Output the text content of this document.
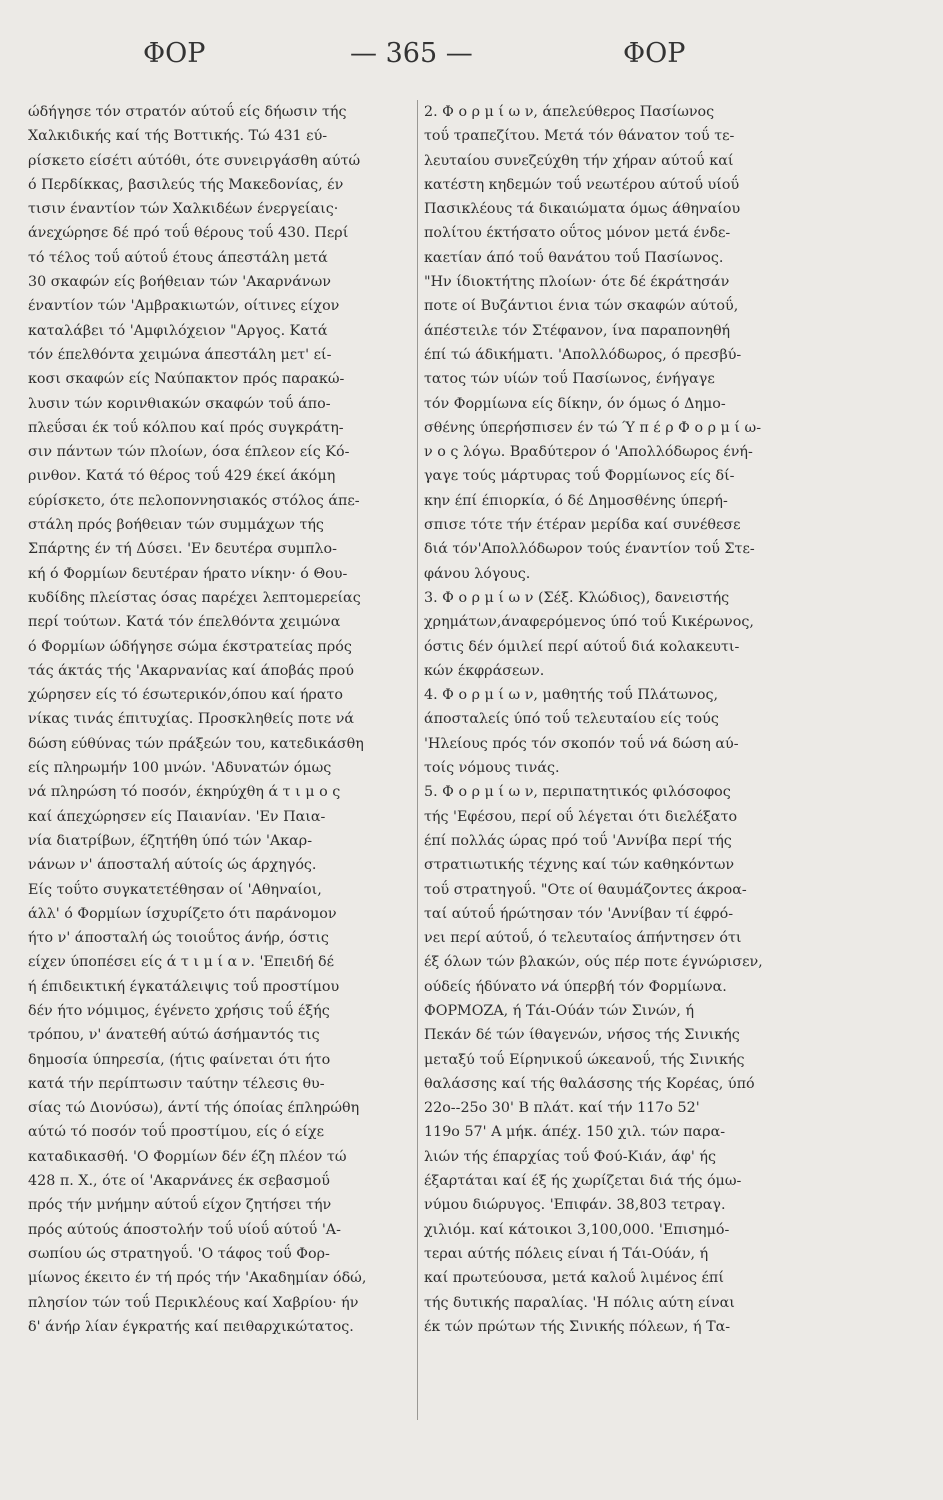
ΦΟΡ	— 365 —	ΦΟΡ
ώδήγησε τόν στρατόν αύτοΰ είς δήωσιν τής
Χαλκιδικής καί τής Βοττικής. Τώ 431 εύ-
ρίσκετο είσέτι αύτόθι, ότε συνειργάσθη αύτώ
ό Περδίκκας, βασιλεύς τής Μακεδονίας, έν
τισιν έναντίον τών Χαλκιδέων ένεργείαις·
άνεχώρησε δέ πρό τοΰ θέρους τοΰ 430. Περί
τό τέλος τοΰ αύτοΰ έτους άπεστάλη μετά
30 σκαφών είς βοήθειαν τών 'Ακαρνάνων
έναντίον τών 'Αμβρακιωτών, οίτινες είχον
καταλάβει τό 'Αμφιλόχειον "Αργος. Κατά
τόν έπελθόντα χειμώνα άπεστάλη μετ' εί-
κοσι σκαφών είς Ναύπακτον πρός παρακώ-
λυσιν τών κορινθιακών σκαφών τοΰ άπο-
πλεΰσαι έκ τοΰ κόλπου καί πρός συγκράτη-
σιν πάντων τών πλοίων, όσα έπλεον είς Κό-
ρινθον. Κατά τό θέρος τοΰ 429 έκεί άκόμη
εύρίσκετο, ότε πελοποννησιακός στόλος άπε-
στάλη πρός βοήθειαν τών συμμάχων τής
Σπάρτης έν τή Δύσει. 'Εν δευτέρα συμπλο-
κή ό Φορμίων δευτέραν ήρατο νίκην· ό Θου-
κυδίδης πλείστας όσας παρέχει λεπτομερείας
περί τούτων. Κατά τόν έπελθόντα χειμώνα
ό Φορμίων ώδήγησε σώμα έκστρατείας πρός
τάς άκτάς τής 'Ακαρνανίας καί άποβάς πρού
χώρησεν είς τό έσωτερικόν,όπου καί ήρατο
νίκας τινάς έπιτυχίας. Προσκληθείς ποτε νά
δώση εύθύνας τών πράξεών του, κατεδικάσθη
είς πληρωμήν 100 μνών. 'Αδυνατών όμως
νά πληρώση τό ποσόν, έκηρύχθη ά τ ι μ ο ς
καί άπεχώρησεν είς Παιανίαν. 'Εν Παια-
νία διατρίβων, έζητήθη ύπό τών 'Ακαρ-
νάνων ν' άποσταλή αύτοίς ώς άρχηγός.
Είς τοΰτο συγκατετέθησαν οί 'Αθηναίοι,
άλλ' ό Φορμίων ίσχυρίζετο ότι παράνομον
ήτο ν' άποσταλή ώς τοιοΰτος άνήρ, όστις
είχεν ύποπέσει είς ά τ ι μ ί α ν. 'Επειδή δέ
ή έπιδεικτική έγκατάλειψις τοΰ προστίμου
δέν ήτο νόμιμος, έγένετο χρήσις τοΰ έξής
τρόπου, ν' άνατεθή αύτώ άσήμαντός τις
δημοσία ύπηρεσία, (ήτις φαίνεται ότι ήτο
κατά τήν περίπτωσιν ταύτην τέλεσις θυ-
σίας τώ Διονύσω), άντί τής όποίας έπληρώθη
αύτώ τό ποσόν τοΰ προστίμου, είς ό είχε
καταδικασθή. 'Ο Φορμίων δέν έζη πλέον τώ
428 π. Χ., ότε οί 'Ακαρνάνες έκ σεβασμοΰ
πρός τήν μνήμην αύτοΰ είχον ζητήσει τήν
πρός αύτούς άποστολήν τοΰ υίοΰ αύτοΰ 'Α-
σωπίου ώς στρατηγοΰ. 'Ο τάφος τοΰ Φορ-
μίωνος έκειτο έν τή πρός τήν 'Ακαδημίαν όδώ,
πλησίον τών τοΰ Περικλέους καί Χαβρίου· ήν
δ' άνήρ λίαν έγκρατής καί πειθαρχικώτατος.
2. Φ ο ρ μ ί ω ν, άπελεύθερος Πασίωνος
τοΰ τραπεζίτου. Μετά τόν θάνατον τοΰ τε-
λευταίου συνεζεύχθη τήν χήραν αύτοΰ καί
κατέστη κηδεμών τοΰ νεωτέρου αύτοΰ υίοΰ
Πασικλέους τά δικαιώματα όμως άθηναίου
πολίτου έκτήσατο οΰτος μόνον μετά ένδε-
καετίαν άπό τοΰ θανάτου τοΰ Πασίωνος.
"Ην ίδιοκτήτης πλοίων· ότε δέ έκράτησάν
ποτε οί Βυζάντιοι ένια τών σκαφών αύτοΰ,
άπέστειλε τόν Στέφανον, ίνα παραπονηθή
έπί τώ άδικήματι. 'Απολλόδωρος, ό πρεσβύ-
τατος τών υίών τοΰ Πασίωνος, ένήγαγε
τόν Φορμίωνα είς δίκην, όν όμως ό Δημο-
σθένης ύπερήσπισεν έν τώ Ύ π έ ρ Φ ο ρ μ ί ω-
ν ο ς λόγω. Βραδύτερον ό 'Απολλόδωρος ένή-
γαγε τούς μάρτυρας τοΰ Φορμίωνος είς δί-
κην έπί έπιορκία, ό δέ Δημοσθένης ύπερή-
σπισε τότε τήν έτέραν μερίδα καί συνέθεσε
διά τόν'Απολλόδωρον τούς έναντίον τοΰ Στε-
φάνου λόγους.
3. Φ ο ρ μ ί ω ν (Σέξ. Κλώδιος), δανειστής
χρημάτων,άναφερόμενος ύπό τοΰ Κικέρωνος,
όστις δέν όμιλεί περί αύτοΰ διά κολακευτι-
κών έκφράσεων.
4. Φ ο ρ μ ί ω ν, μαθητής τοΰ Πλάτωνος,
άποσταλείς ύπό τοΰ τελευταίου είς τούς
'Ηλείους πρός τόν σκοπόν τοΰ νά δώση αύ-
τοίς νόμους τινάς.
5. Φ ο ρ μ ί ω ν, περιπατητικός φιλόσοφος
τής 'Εφέσου, περί οΰ λέγεται ότι διελέξατο
έπί πολλάς ώρας πρό τοΰ 'Αννίβα περί τής
στρατιωτικής τέχνης καί τών καθηκόντων
τοΰ στρατηγοΰ. "Οτε οί θαυμάζοντες άκροα-
ταί αύτοΰ ήρώτησαν τόν 'Αννίβαν τί έφρό-
νει περί αύτοΰ, ό τελευταίος άπήντησεν ότι
έξ όλων τών βλακών, ούς πέρ ποτε έγνώρισεν,
ούδείς ήδύνατο νά ύπερβή τόν Φορμίωνα.
ΦΟΡΜΟΖΑ, ή Τάι-Ούάν τών Σινών, ή
Πεκάν δέ τών ίθαγενών, νήσος τής Σινικής
μεταξύ τοΰ Είρηνικοΰ ώκεανοΰ, τής Σινικής
θαλάσσης καί τής θαλάσσης τής Κορέας, ύπό
22ο--25ο 30' Β πλάτ. καί τήν 117ο 52'
119ο 57' Α μήκ. άπέχ. 150 χιλ. τών παρα-
λιών τής έπαρχίας τοΰ Φού-Κιάν, άφ' ής
έξαρτάται καί έξ ής χωρίζεται διά τής όμω-
νύμου διώρυγος. 'Επιφάν. 38,803 τετραγ.
χιλιόμ. καί κάτοικοι 3,100,000. 'Επισημό-
τεραι αύτής πόλεις είναι ή Τάι-Ούάν, ή
καί πρωτεύουσα, μετά καλοΰ λιμένος έπί
τής δυτικής παραλίας. 'Η πόλις αύτη είναι
έκ τών πρώτων τής Σινικής πόλεων, ή Τα-
